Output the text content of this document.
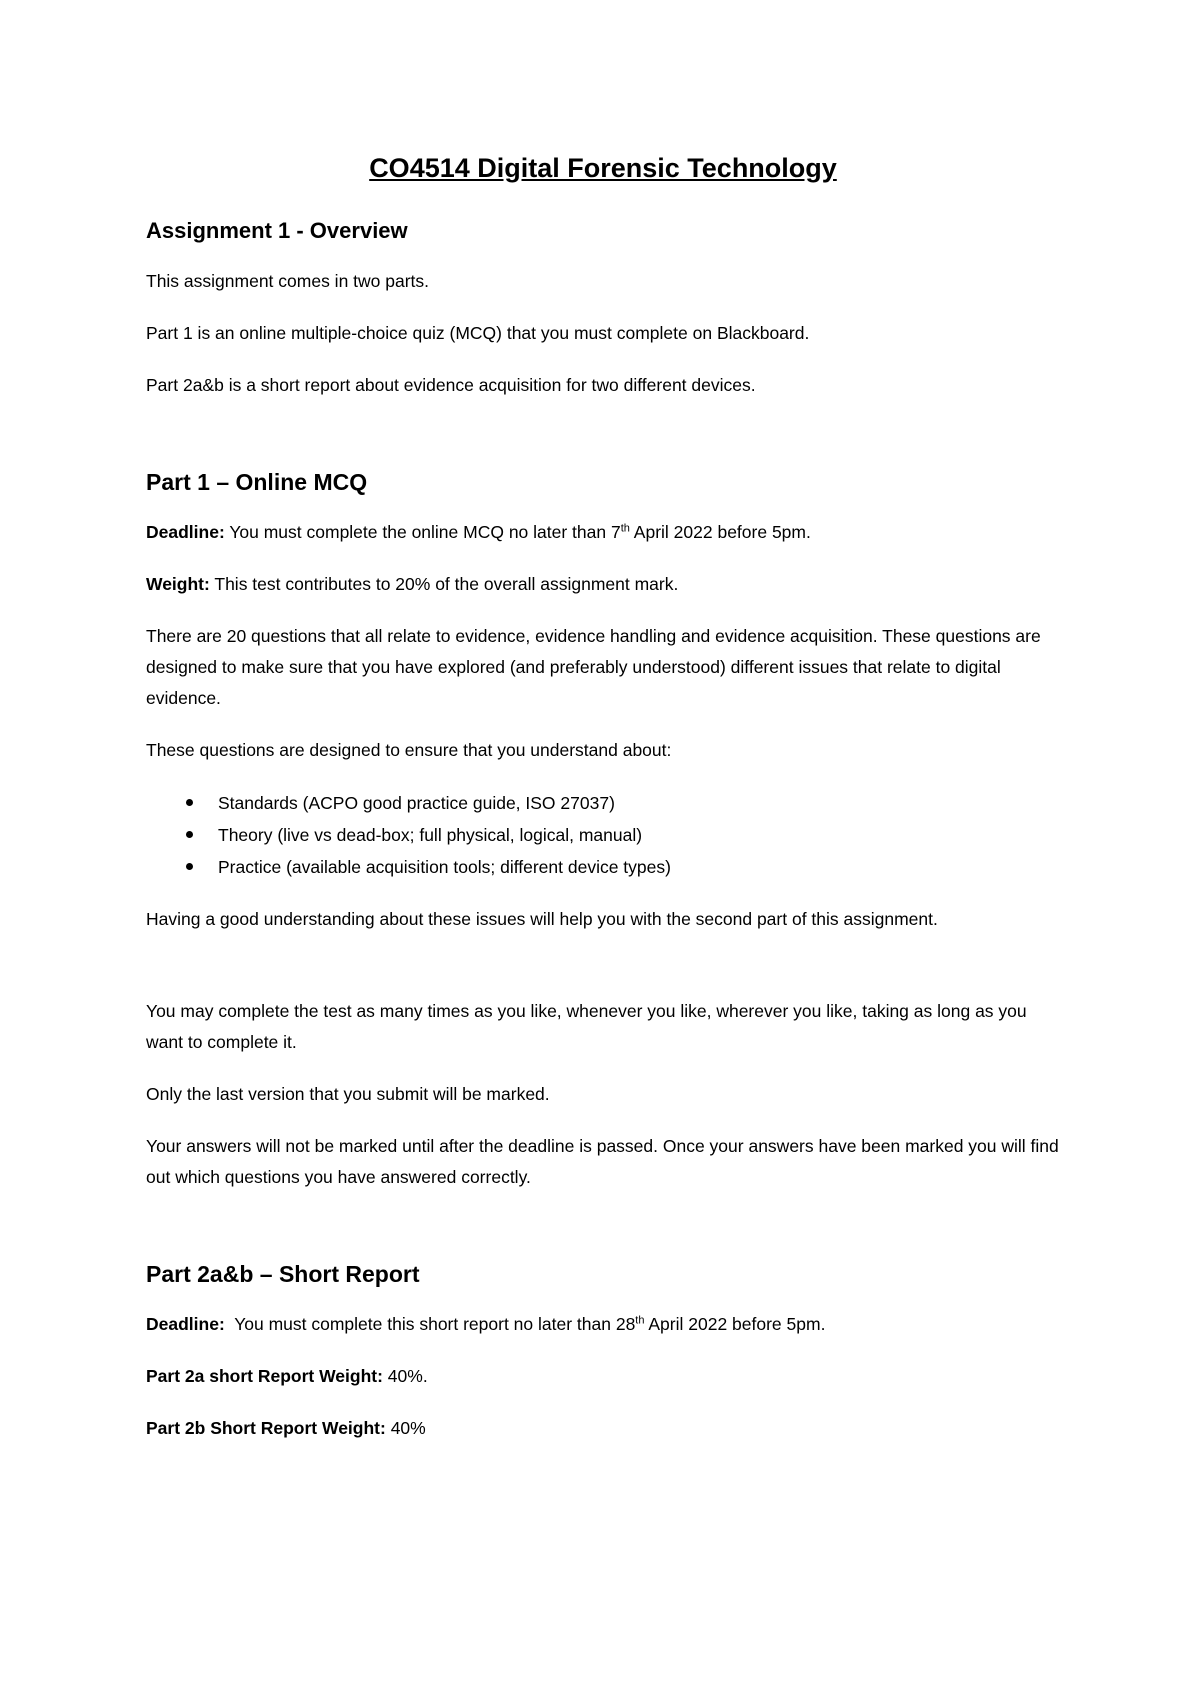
CO4514 Digital Forensic Technology
Assignment 1 - Overview

This assignment comes in two parts.

Part 1 is an online multiple-choice quiz (MCQ) that you must complete on Blackboard.

Part 2a&b is a short report about evidence acquisition for two different devices.

Part 1 – Online MCQ

Deadline: You must complete the online MCQ no later than 7th April 2022 before 5pm.

Weight: This test contributes to 20% of the overall assignment mark.

There are 20 questions that all relate to evidence, evidence handling and evidence acquisition. These questions are designed to make sure that you have explored (and preferably understood) different issues that relate to digital evidence.

These questions are designed to ensure that you understand about:

Standards (ACPO good practice guide, ISO 27037)
Theory (live vs dead-box; full physical, logical, manual)
Practice (available acquisition tools; different device types)

Having a good understanding about these issues will help you with the second part of this assignment.

You may complete the test as many times as you like, whenever you like, wherever you like, taking as long as you want to complete it.

Only the last version that you submit will be marked.

Your answers will not be marked until after the deadline is passed. Once your answers have been marked you will find out which questions you have answered correctly.

Part 2a&b – Short Report

Deadline:  You must complete this short report no later than 28th April 2022 before 5pm.

Part 2a short Report Weight: 40%.

Part 2b Short Report Weight: 40%
